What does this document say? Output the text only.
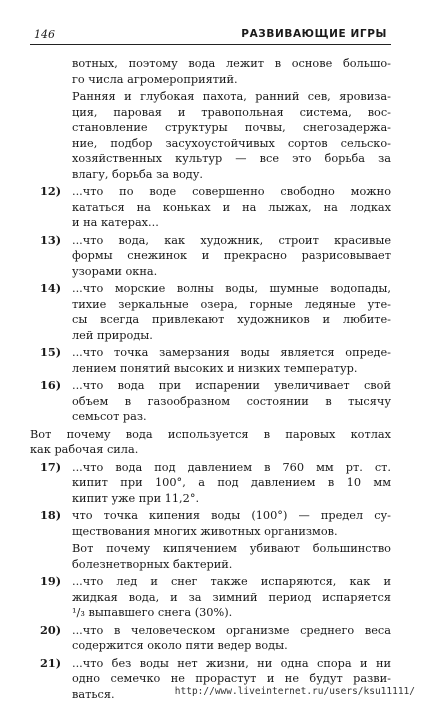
146	РАЗВИВАЮЩИЕ ИГРЫ
вотных, поэтому вода лежит в основе большо-
го числа агромероприятий.
Ранняя и глубокая пахота, ранний сев, яровиза-
ция, паровая и травопольная система, вос-
становление структуры почвы, снегозадержа-
ние, подбор засухоустойчивых сортов сельско-
хозяйственных культур — все это борьба за
влагу, борьба за воду.
12) ...что по воде совершенно свободно можно
кататься на коньках и на лыжах, на лодках
и на катерах...
13) ...что вода, как художник, строит красивые
формы снежинок и прекрасно разрисовывает
узорами окна.
14) ...что морские волны воды, шумные водопады,
тихие зеркальные озера, горные ледяные уте-
сы всегда привлекают художников и любите-
лей природы.
15) ...что точка замерзания воды является опреде-
лением понятий высоких и низких температур.
16) ...что вода при испарении увеличивает свой
объем в газообразном состоянии в тысячу
семьсот раз.
Вот почему вода используется в паровых котлах
как рабочая сила.
17) ...что вода под давлением в 760 мм рт. ст.
кипит при 100°, а под давлением в 10 мм
кипит уже при 11,2°.
18) что точка кипения воды (100°) — предел су-
ществования многих животных организмов.
Вот почему кипячением убивают большинство
болезнетворных бактерий.
19) ...что лед и снег также испаряются, как и
жидкая вода, и за зимний период испаряется
¹/₃ выпавшего снега (30%).
20) ...что в человеческом организме среднего веса
содержится около пяти ведер воды.
21) ...что без воды нет жизни, ни одна спора и ни
одно семечко не прорастут и не будут разви-
ваться.	http://www.liveinternet.ru/users/ksu11111/
